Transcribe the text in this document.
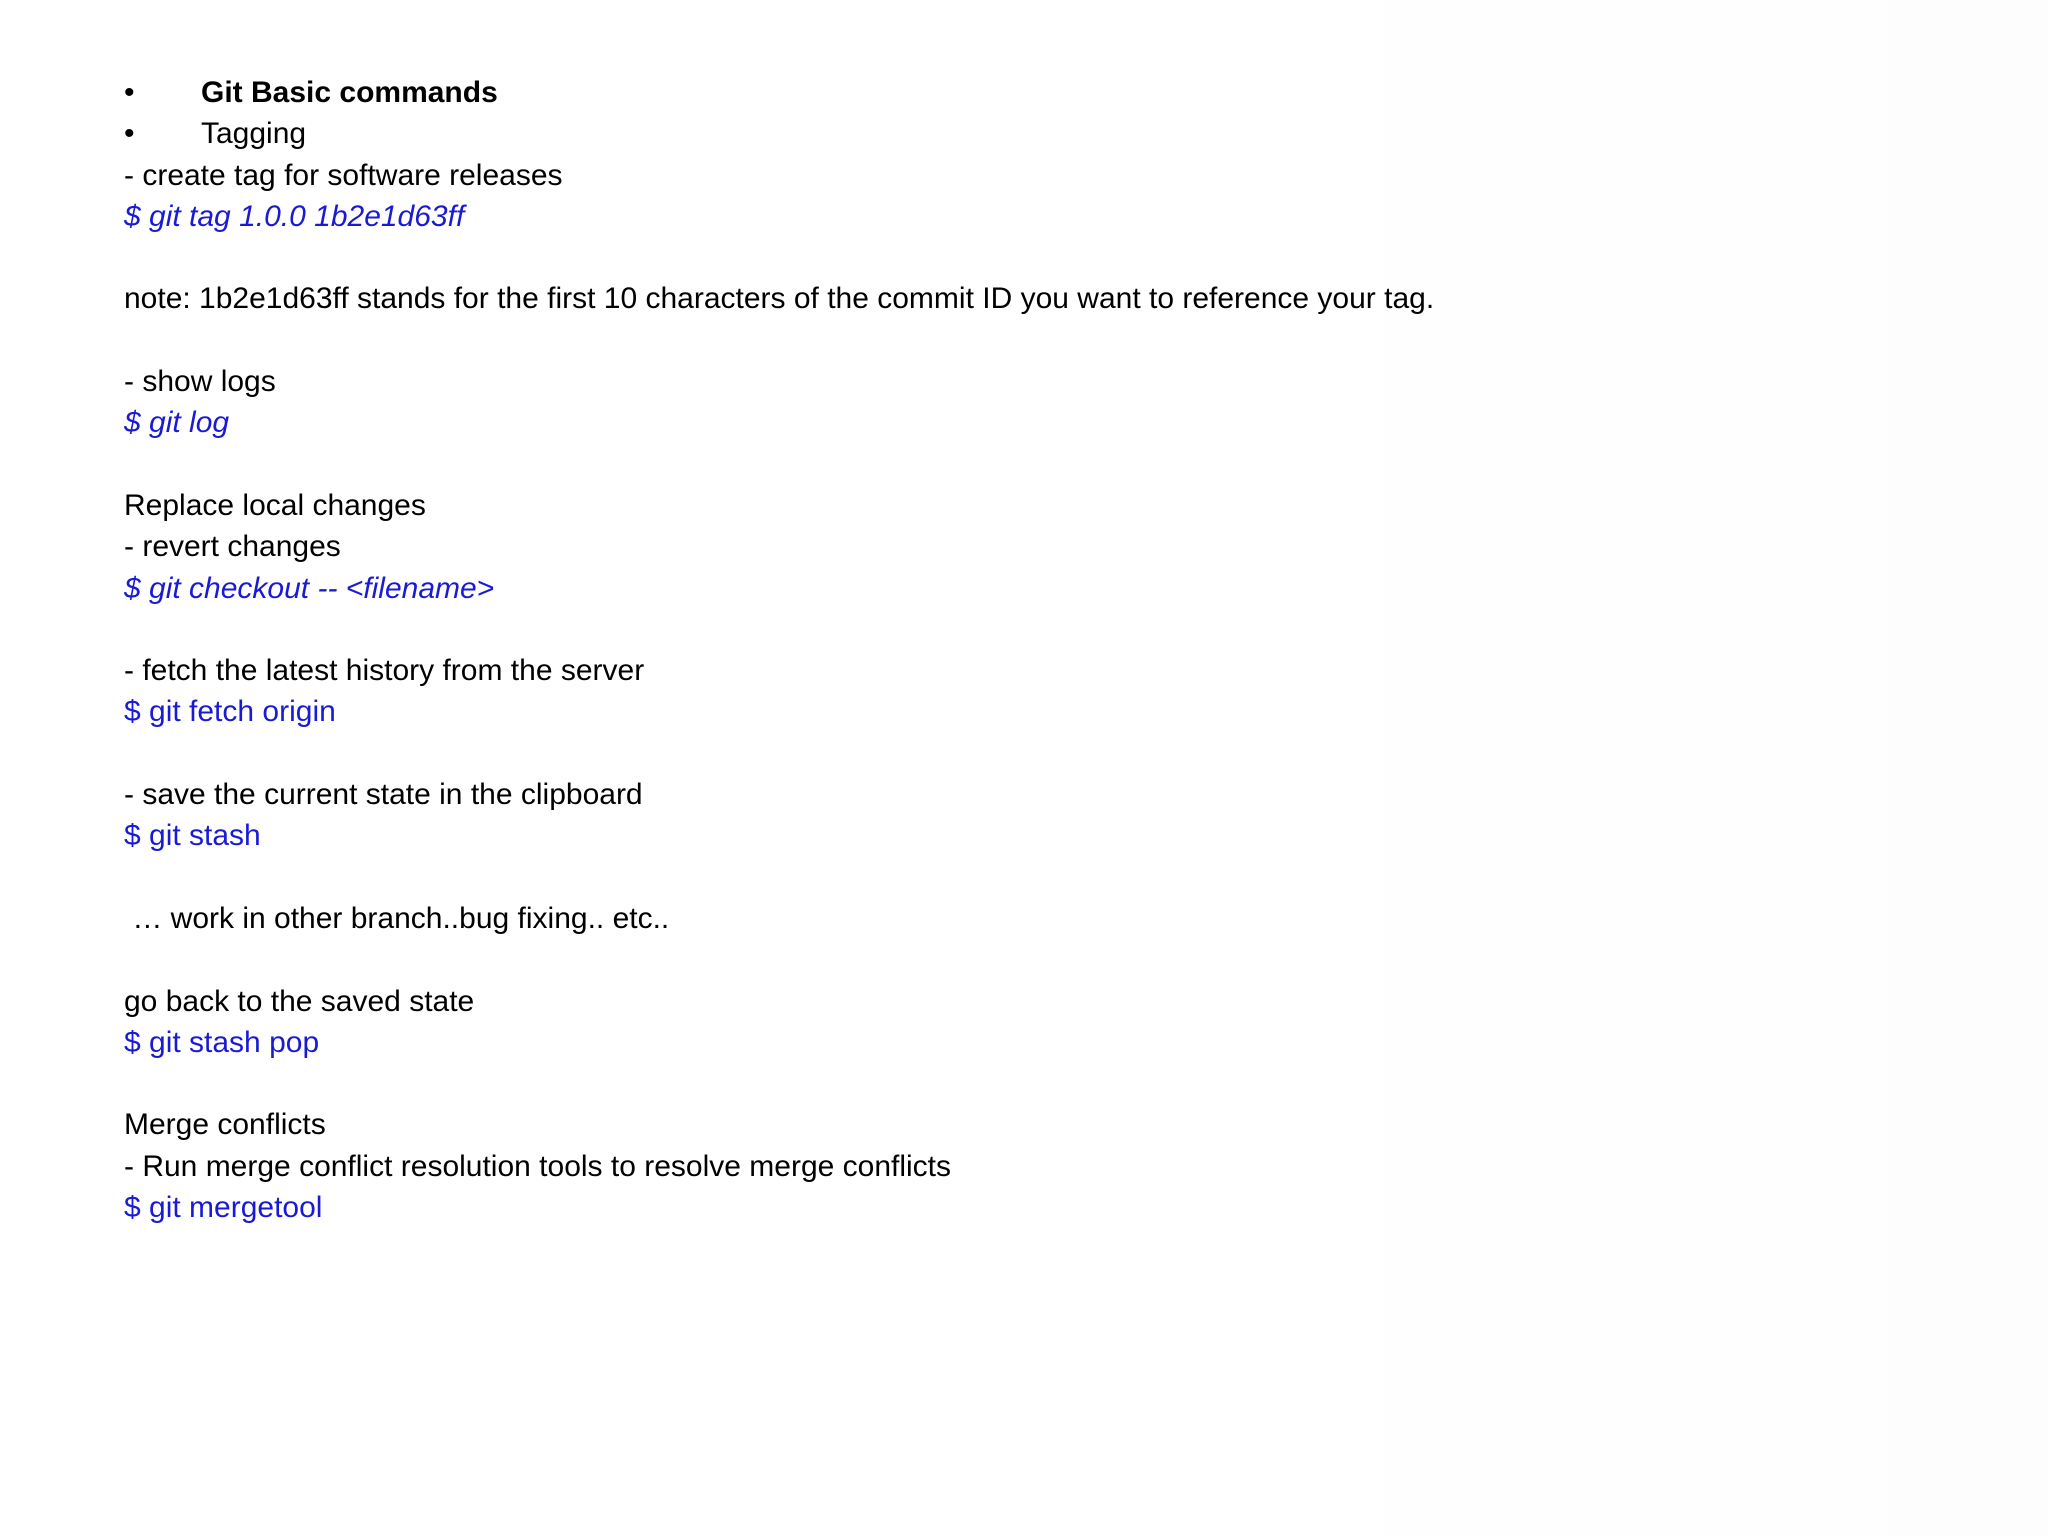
•	Git Basic commands
•	Tagging
- create tag for software releases
$ git tag 1.0.0 1b2e1d63ff
note: 1b2e1d63ff stands for the first 10 characters of the commit ID you want to reference your tag.
- show logs
$ git log
Replace local changes
- revert changes
$ git checkout -- <filename>
- fetch the latest history from the server
$ git fetch origin
- save the current state in the clipboard
$ git stash
… work in other branch..bug fixing.. etc..
go back to the saved state
$ git stash pop
Merge conflicts
- Run merge conflict resolution tools to resolve merge conflicts
$ git mergetool
